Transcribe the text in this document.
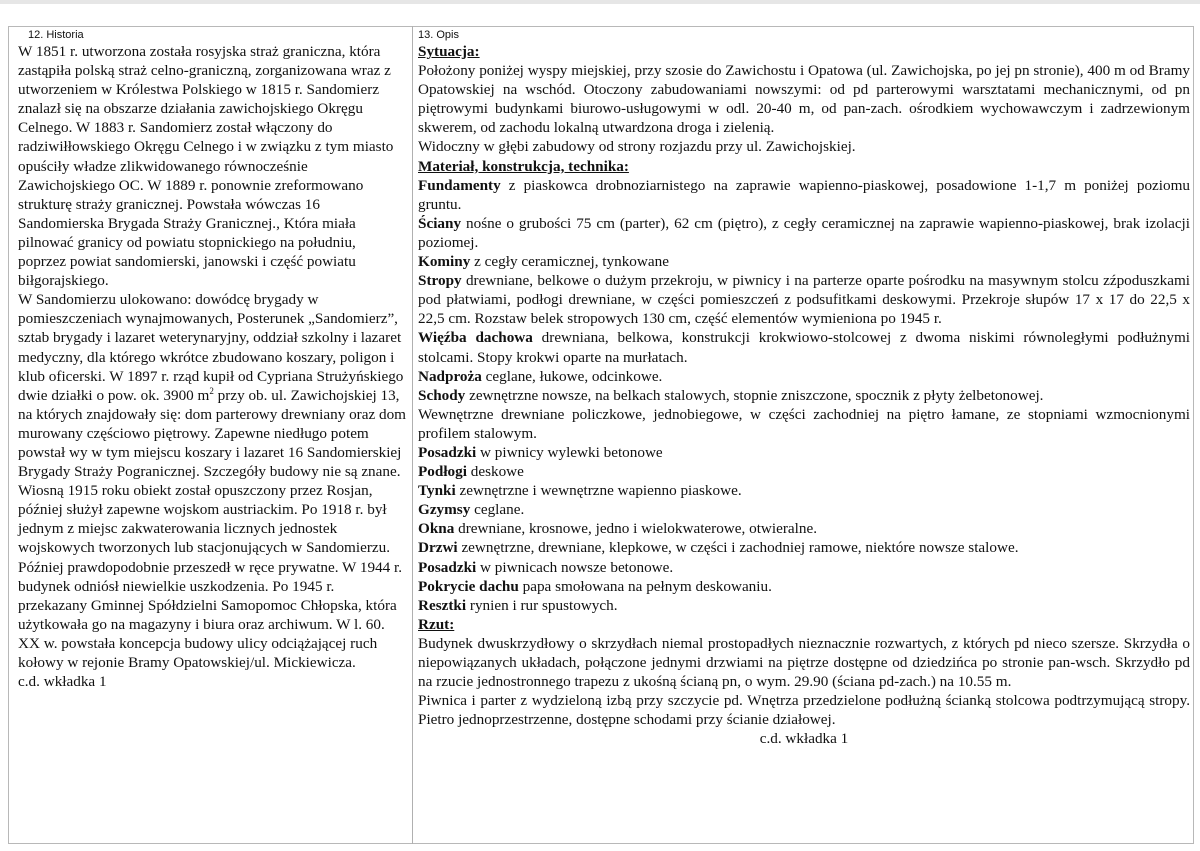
12. Historia

W 1851 r. utworzona została rosyjska straż graniczna, która zastąpiła polską straż celno-graniczną, zorganizowana wraz z utworzeniem w Królestwa Polskiego w 1815 r. Sandomierz znalazł się na obszarze działania zawichojskiego Okręgu Celnego. W 1883 r. Sandomierz został włączony do radziwiłłowskiego Okręgu Celnego i w związku z tym miasto opuściły władze zlikwidowanego równocześnie Zawichojskiego OC. W 1889 r. ponownie zreformowano strukturę straży granicznej. Powstała wówczas 16 Sandomierska Brygada Straży Granicznej., Która miała pilnować granicy od powiatu stopnickiego na południu, poprzez powiat sandomierski, janowski i część powiatu biłgorajskiego.

W Sandomierzu ulokowano: dowódcę brygady w pomieszczeniach wynajmowanych, Posterunek „Sandomierz”, sztab brygady i lazaret weterynaryjny, oddział szkolny i lazaret medyczny, dla którego wkrótce zbudowano koszary, poligon i klub oficerski. W 1897 r. rząd kupił od Cypriana Strużyńskiego dwie działki o pow. ok. 3900 $m^2$ przy ob. ul. Zawichojskiej 13, na których znajdowały się: dom parterowy drewniany oraz dom murowany częściowo piętrowy. Zapewne niedługo potem powstał wy w tym miejscu koszary i lazaret 16 Sandomierskiej Brygady Straży Pogranicznej. Szczegóły budowy nie są znane. Wiosną 1915 roku obiekt został opuszczony przez Rosjan, później służył zapewne wojskom austriackim. Po 1918 r. był jednym z miejsc zakwaterowania licznych jednostek wojskowych tworzonych lub stacjonujących w Sandomierzu. Później prawdopodobnie przeszedł w ręce prywatne. W 1944 r. budynek odniósł niewielkie uszkodzenia. Po 1945 r. przekazany Gminnej Spółdzielni Samopomoc Chłopska, która użytkowała go na magazyny i biura oraz archiwum. W l. 60. XX w. powstała koncepcja budowy ulicy odciążającej ruch kołowy w rejonie Bramy Opatowskiej/ul. Mickiewicza.

c.d. wkładka 1

13. Opis

Sytuacja:

Położony poniżej wyspy miejskiej, przy szosie do Zawichostu i Opatowa (ul. Zawichojska, po jej pn stronie), 400 m od Bramy Opatowskiej na wschód. Otoczony zabudowaniami nowszymi: od pd parterowymi warsztatami mechanicznymi, od pn piętrowymi budynkami biurowo-usługowymi w odl. 20-40 m, od pan-zach. ośrodkiem wychowawczym i zadrzewionym skwerem, od zachodu lokalną utwardzona droga i zielenią.

Widoczny w głębi zabudowy od strony rozjazdu przy ul. Zawichojskiej.

Materiał, konstrukcja, technika:

Fundamenty z piaskowca drobnoziarnistego na zaprawie wapienno-piaskowej, posadowione 1-1,7 m poniżej poziomu gruntu.

Ściany nośne o grubości 75 cm (parter), 62 cm (piętro), z cegły ceramicznej na zaprawie wapienno-piaskowej, brak izolacji poziomej.

Kominy z cegły ceramicznej, tynkowane

Stropy drewniane, belkowe o dużym przekroju, w piwnicy i na parterze oparte pośrodku na masywnym stolcu zźpoduszkami pod płatwiami, podłogi drewniane, w części pomieszczeń z podsufitkami deskowymi. Przekroje słupów 17 x 17 do 22,5 x 22,5 cm. Rozstaw belek stropowych 130 cm, część elementów wymieniona po 1945 r.

Więźba dachowa drewniana, belkowa, konstrukcji krokwiowo-stolcowej z dwoma niskimi równoległymi podłużnymi stolcami. Stopy krokwi oparte na murłatach.

Nadproża ceglane, łukowe, odcinkowe.

Schody zewnętrzne nowsze, na belkach stalowych, stopnie zniszczone, spocznik z płyty żelbetonowej.

Wewnętrzne drewniane policzkowe, jednobiegowe, w części zachodniej na piętro łamane, ze stopniami wzmocnionymi profilem stalowym.

Posadzki w piwnicy wylewki betonowe

Podłogi deskowe

Tynki zewnętrzne i wewnętrzne wapienno piaskowe.

Gzymsy ceglane.

Okna drewniane, krosnowe, jedno i wielokwaterowe, otwieralne.

Drzwi zewnętrzne, drewniane, klepkowe, w części i zachodniej ramowe, niektóre nowsze stalowe.

Posadzki w piwnicach nowsze betonowe.

Pokrycie dachu papa smołowana na pełnym deskowaniu.

Resztki rynien i rur spustowych.

Rzut:

Budynek dwuskrzydłowy o skrzydłach niemal prostopadłych nieznacznie rozwartych, z których pd nieco szersze. Skrzydła o niepowiązanych układach, połączone jednymi drzwiami na piętrze dostępne od dziedzińca po stronie pan-wsch. Skrzydło pd na rzucie jednostronnego trapezu z ukośną ścianą pn, o wym. 29.90 (ściana pd-zach.) na 10.55 m.

Piwnica i parter z wydzieloną izbą przy szczycie pd. Wnętrza przedzielone podłużną ścianką stolcowa podtrzymującą stropy. Pietro jednoprzestrzenne, dostępne schodami przy ścianie działowej.

c.d. wkładka 1
